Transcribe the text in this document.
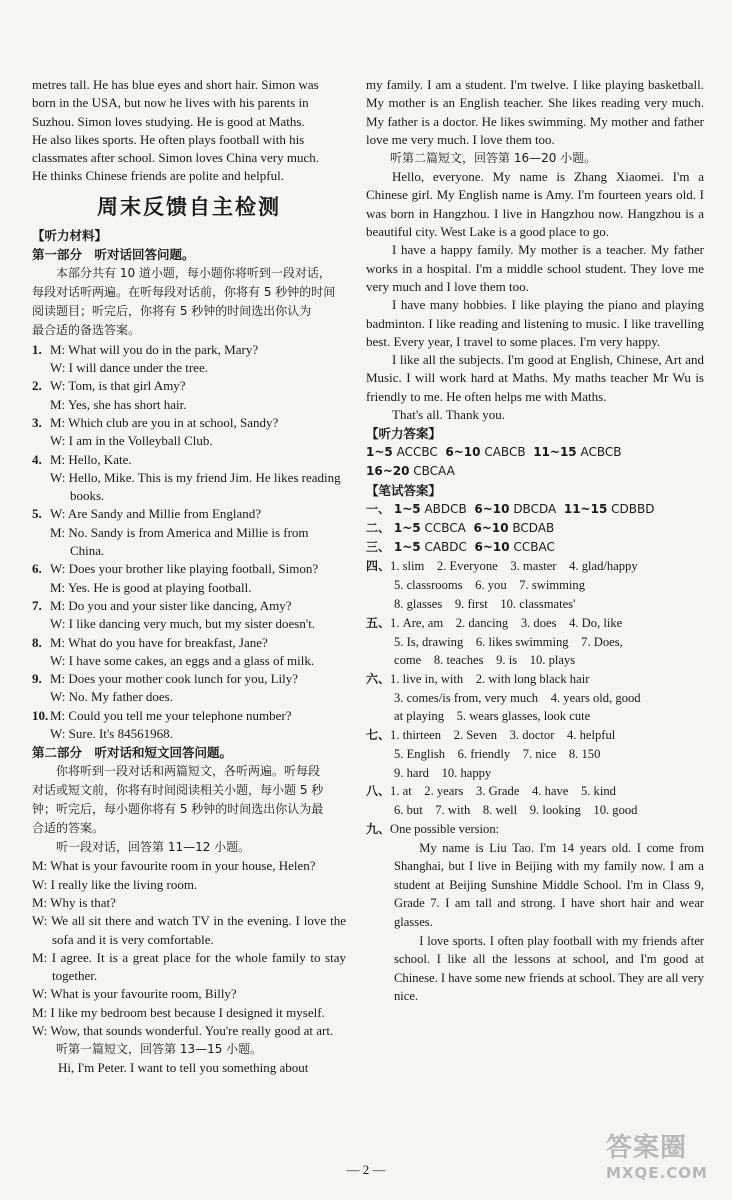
metres tall. He has blue eyes and short hair. Simon was
born in the USA, but now he lives with his parents in
Suzhou. Simon loves studying. He is good at Maths.
He also likes sports. He often plays football with his
classmates after school. Simon loves China very much.
He thinks Chinese friends are polite and helpful.
周末反馈自主检测
【听力材料】
第一部分　听对话回答问题。
本部分共有 10 道小题，每小题你将听到一段对话，
每段对话听两遍。在听每段对话前，你将有 5 秒钟的时间
阅读题目；听完后，你将有 5 秒钟的时间选出你认为
最合适的备选答案。
1. M: What will you do in the park, Mary?
W: I will dance under the tree.
2. W: Tom, is that girl Amy?
M: Yes, she has short hair.
3. M: Which club are you in at school, Sandy?
W: I am in the Volleyball Club.
4. M: Hello, Kate.
W: Hello, Mike. This is my friend Jim. He likes reading books.
5. W: Are Sandy and Millie from England?
M: No. Sandy is from America and Millie is from China.
6. W: Does your brother like playing football, Simon?
M: Yes. He is good at playing football.
7. M: Do you and your sister like dancing, Amy?
W: I like dancing very much, but my sister doesn't.
8. M: What do you have for breakfast, Jane?
W: I have some cakes, an eggs and a glass of milk.
9. M: Does your mother cook lunch for you, Lily?
W: No. My father does.
10. M: Could you tell me your telephone number?
W: Sure. It's 84561968.
第二部分　听对话和短文回答问题。
你将听到一段对话和两篇短文，各听两遍。听每段
对话或短文前，你将有时间阅读相关小题，每小题 5 秒
钟；听完后，每小题你将有 5 秒钟的时间选出你认为最
合适的答案。
听一段对话，回答第 11—12 小题。
M: What is your favourite room in your house, Helen?
W: I really like the living room.
M: Why is that?
W: We all sit there and watch TV in the evening. I love the sofa and it is very comfortable.
M: I agree. It is a great place for the whole family to stay together.
W: What is your favourite room, Billy?
M: I like my bedroom best because I designed it myself.
W: Wow, that sounds wonderful. You're really good at art.
听第一篇短文，回答第 13—15 小题。
Hi, I'm Peter. I want to tell you something about

my family. I am a student. I'm twelve. I like playing basketball. My mother is an English teacher. She likes reading very much. My father is a doctor. He likes swimming. My mother and father love me very much. I love them too.

听第二篇短文，回答第 16—20 小题。

Hello, everyone. My name is Zhang Xiaomei. I'm a Chinese girl. My English name is Amy. I'm fourteen years old. I was born in Hangzhou. I live in Hangzhou now. Hangzhou is a beautiful city. West Lake is a good place to go.

I have a happy family. My mother is a teacher. My father works in a hospital. I'm a middle school student. They love me very much and I love them too.

I have many hobbies. I like playing the piano and playing badminton. I like reading and listening to music. I like travelling best. Every year, I travel to some places. I'm very happy.

I like all the subjects. I'm good at English, Chinese, Art and Music. I will work hard at Maths. My maths teacher Mr Wu is friendly to me. He often helps me with Maths.

That's all. Thank you.

【听力答案】
1~5 ACCBC 6~10 CABCB 11~15 ACBCB
16~20 CBCAA
【笔试答案】
一、 1~5 ABDCB 6~10 DBCDA 11~15 CDBBD
二、 1~5 CCBCA 6~10 BCDAB
三、 1~5 CABDC 6~10 CCBAC
四、1. slim　2. Everyone　3. master　4. glad/happy
5. classrooms　6. you　7. swimming
8. glasses　9. first　10. classmates'
五、1. Are, am　2. dancing　3. does　4. Do, like
5. Is, drawing　6. likes swimming　7. Does,
come　8. teaches　9. is　10. plays
六、1. live in, with　2. with long black hair
3. comes/is from, very much　4. years old, good
at playing　5. wears glasses, look cute
七、1. thirteen　2. Seven　3. doctor　4. helpful
5. English　6. friendly　7. nice　8. 150
9. hard　10. happy
八、1. at　2. years　3. Grade　4. have　5. kind
6. but　7. with　8. well　9. looking　10. good
九、One possible version:

My name is Liu Tao. I'm 14 years old. I come from Shanghai, but I live in Beijing with my family now. I am a student at Beijing Sunshine Middle School. I'm in Class 9, Grade 7. I am tall and strong. I have short hair and wear glasses.

I love sports. I often play football with my friends after school. I like all the lessons at school, and I'm good at Chinese. I have some new friends at school. They are all very nice.

— 2 —
答案圈
MXQE.COM
